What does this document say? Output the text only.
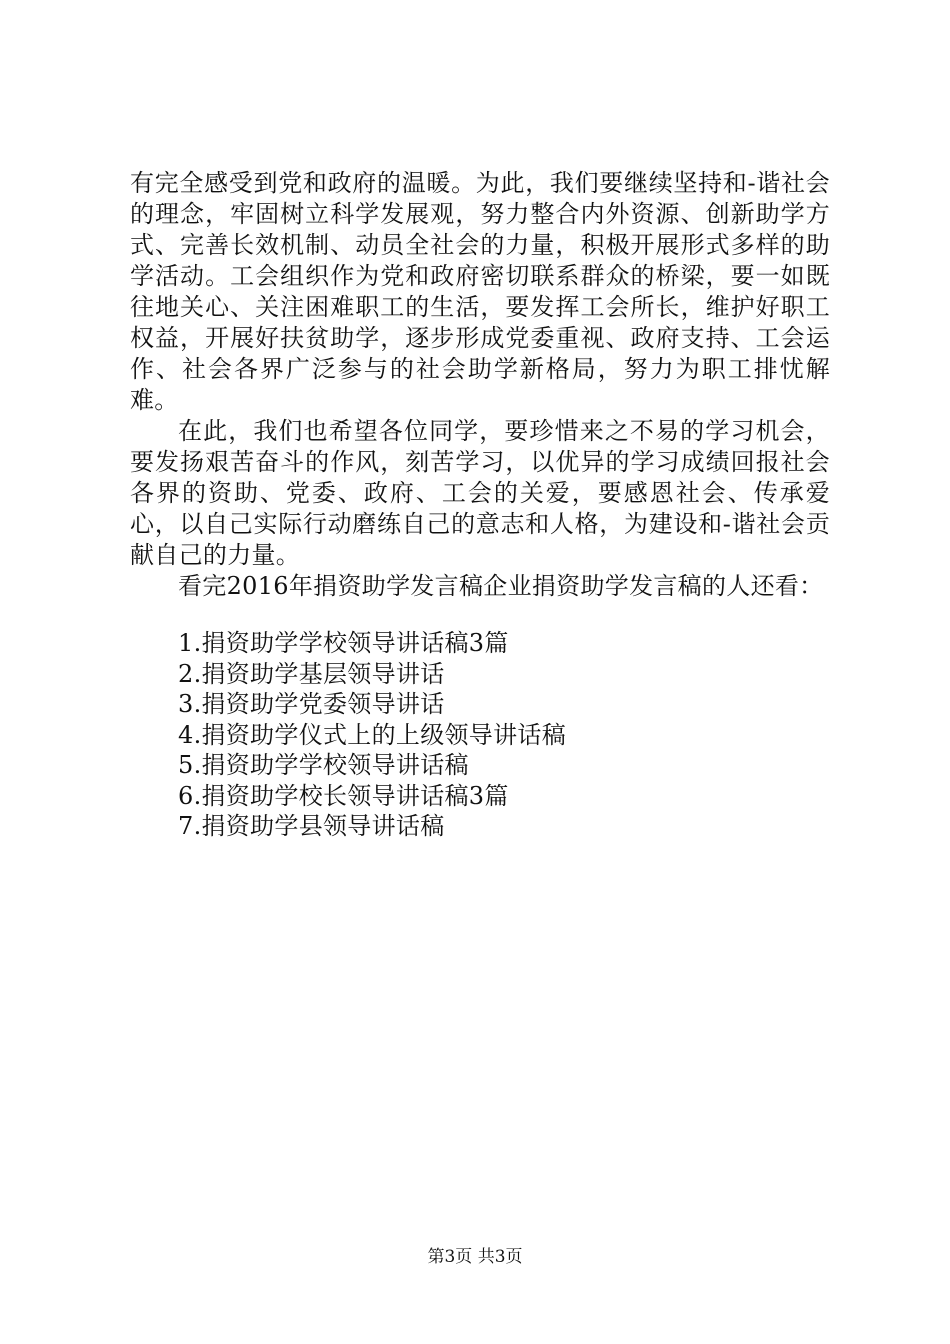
有完全感受到党和政府的温暖。为此，我们要继续坚持和-谐社会的理念，牢固树立科学发展观，努力整合内外资源、创新助学方式、完善长效机制、动员全社会的力量，积极开展形式多样的助学活动。工会组织作为党和政府密切联系群众的桥梁，要一如既往地关心、关注困难职工的生活，要发挥工会所长，维护好职工权益，开展好扶贫助学，逐步形成党委重视、政府支持、工会运作、社会各界广泛参与的社会助学新格局，努力为职工排忧解难。

在此，我们也希望各位同学，要珍惜来之不易的学习机会，要发扬艰苦奋斗的作风，刻苦学习，以优异的学习成绩回报社会各界的资助、党委、政府、工会的关爱，要感恩社会、传承爱心，以自己实际行动磨练自己的意志和人格，为建设和-谐社会贡献自己的力量。

看完2016年捐资助学发言稿企业捐资助学发言稿的人还看：

1.捐资助学学校领导讲话稿3篇
2.捐资助学基层领导讲话
3.捐资助学党委领导讲话
4.捐资助学仪式上的上级领导讲话稿
5.捐资助学学校领导讲话稿
6.捐资助学校长领导讲话稿3篇
7.捐资助学县领导讲话稿
第3页 共3页
